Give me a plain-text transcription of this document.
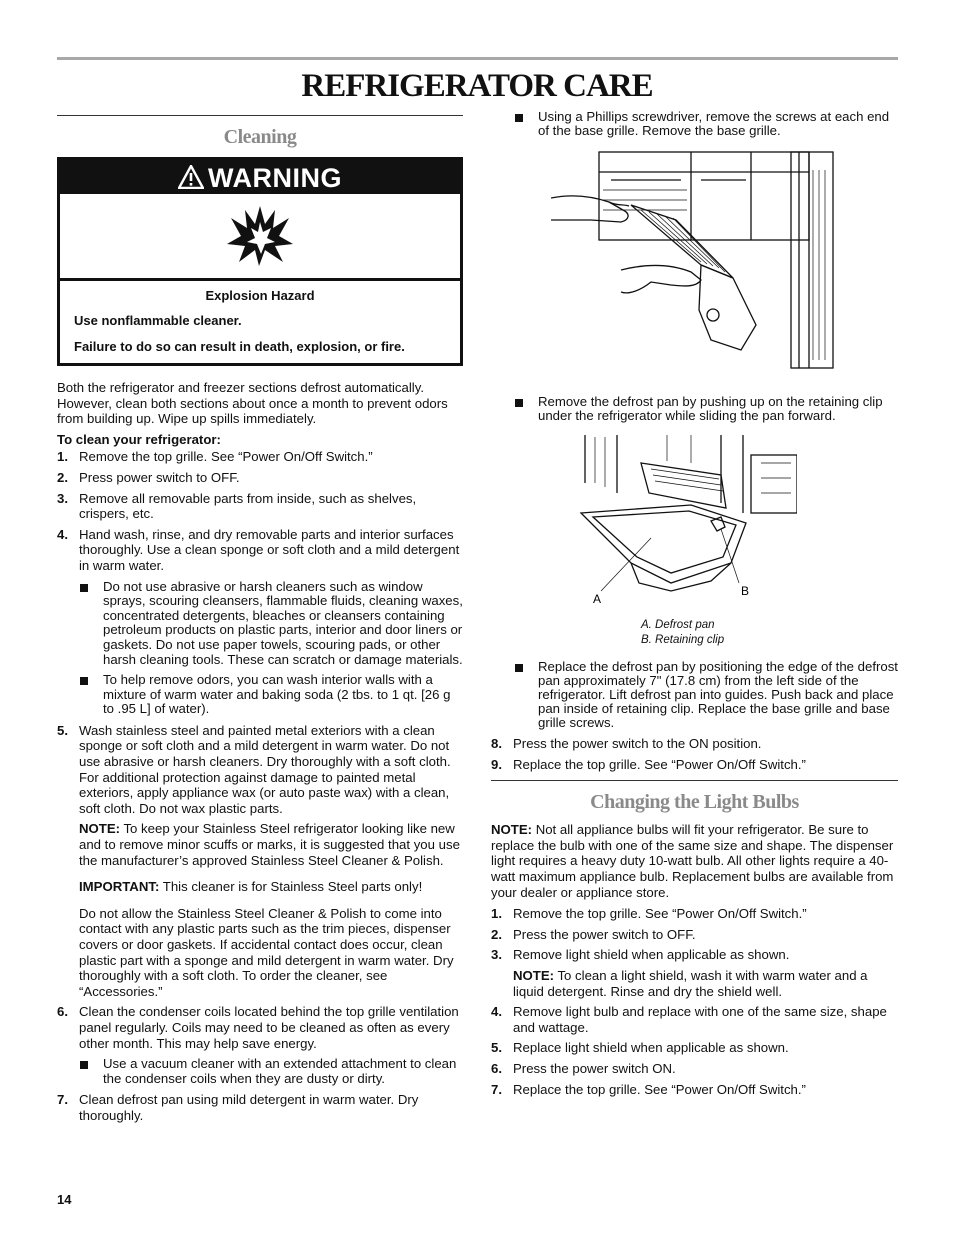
REFRIGERATOR CARE
Cleaning
WARNING
Explosion Hazard
Use nonflammable cleaner.
Failure to do so can result in death, explosion, or fire.

Both the refrigerator and freezer sections defrost automatically. However, clean both sections about once a month to prevent odors from building up. Wipe up spills immediately.

To clean your refrigerator:

1. Remove the top grille. See “Power On/Off Switch.”
2. Press power switch to OFF.
3. Remove all removable parts from inside, such as shelves, crispers, etc.
4. Hand wash, rinse, and dry removable parts and interior surfaces thoroughly. Use a clean sponge or soft cloth and a mild detergent in warm water.
Do not use abrasive or harsh cleaners such as window sprays, scouring cleansers, flammable fluids, cleaning waxes, concentrated detergents, bleaches or cleansers containing petroleum products on plastic parts, interior and door liners or gaskets. Do not use paper towels, scouring pads, or other harsh cleaning tools. These can scratch or damage materials.
To help remove odors, you can wash interior walls with a mixture of warm water and baking soda (2 tbs. to 1 qt. [26 g to .95 L] of water).
5. Wash stainless steel and painted metal exteriors with a clean sponge or soft cloth and a mild detergent in warm water. Do not use abrasive or harsh cleaners. Dry thoroughly with a soft cloth. For additional protection against damage to painted metal exteriors, apply appliance wax (or auto paste wax) with a clean, soft cloth. Do not wax plastic parts.
NOTE: To keep your Stainless Steel refrigerator looking like new and to remove minor scuffs or marks, it is suggested that you use the manufacturer’s approved Stainless Steel Cleaner & Polish.
IMPORTANT: This cleaner is for Stainless Steel parts only!
Do not allow the Stainless Steel Cleaner & Polish to come into contact with any plastic parts such as the trim pieces, dispenser covers or door gaskets. If accidental contact does occur, clean plastic part with a sponge and mild detergent in warm water. Dry thoroughly with a soft cloth. To order the cleaner, see “Accessories.”
6. Clean the condenser coils located behind the top grille ventilation panel regularly. Coils may need to be cleaned as often as every other month. This may help save energy.
Use a vacuum cleaner with an extended attachment to clean the condenser coils when they are dusty or dirty.
7. Clean defrost pan using mild detergent in warm water. Dry thoroughly.
Using a Phillips screwdriver, remove the screws at each end of the base grille. Remove the base grille.
Remove the defrost pan by pushing up on the retaining clip under the refrigerator while sliding the pan forward.
A
B
A. Defrost pan
B. Retaining clip
Replace the defrost pan by positioning the edge of the defrost pan approximately 7" (17.8 cm) from the left side of the refrigerator. Lift defrost pan into guides. Push back and place pan inside of retaining clip. Replace the base grille and base grille screws.
8. Press the power switch to the ON position.
9. Replace the top grille. See “Power On/Off Switch.”
Changing the Light Bulbs

NOTE: Not all appliance bulbs will fit your refrigerator. Be sure to replace the bulb with one of the same size and shape. The dispenser light requires a heavy duty 10-watt bulb. All other lights require a 40-watt maximum appliance bulb. Replacement bulbs are available from your dealer or appliance store.

1. Remove the top grille. See “Power On/Off Switch.”
2. Press the power switch to OFF.
3. Remove light shield when applicable as shown.
NOTE: To clean a light shield, wash it with warm water and a liquid detergent. Rinse and dry the shield well.
4. Remove light bulb and replace with one of the same size, shape and wattage.
5. Replace light shield when applicable as shown.
6. Press the power switch ON.
7. Replace the top grille. See “Power On/Off Switch.”
14
